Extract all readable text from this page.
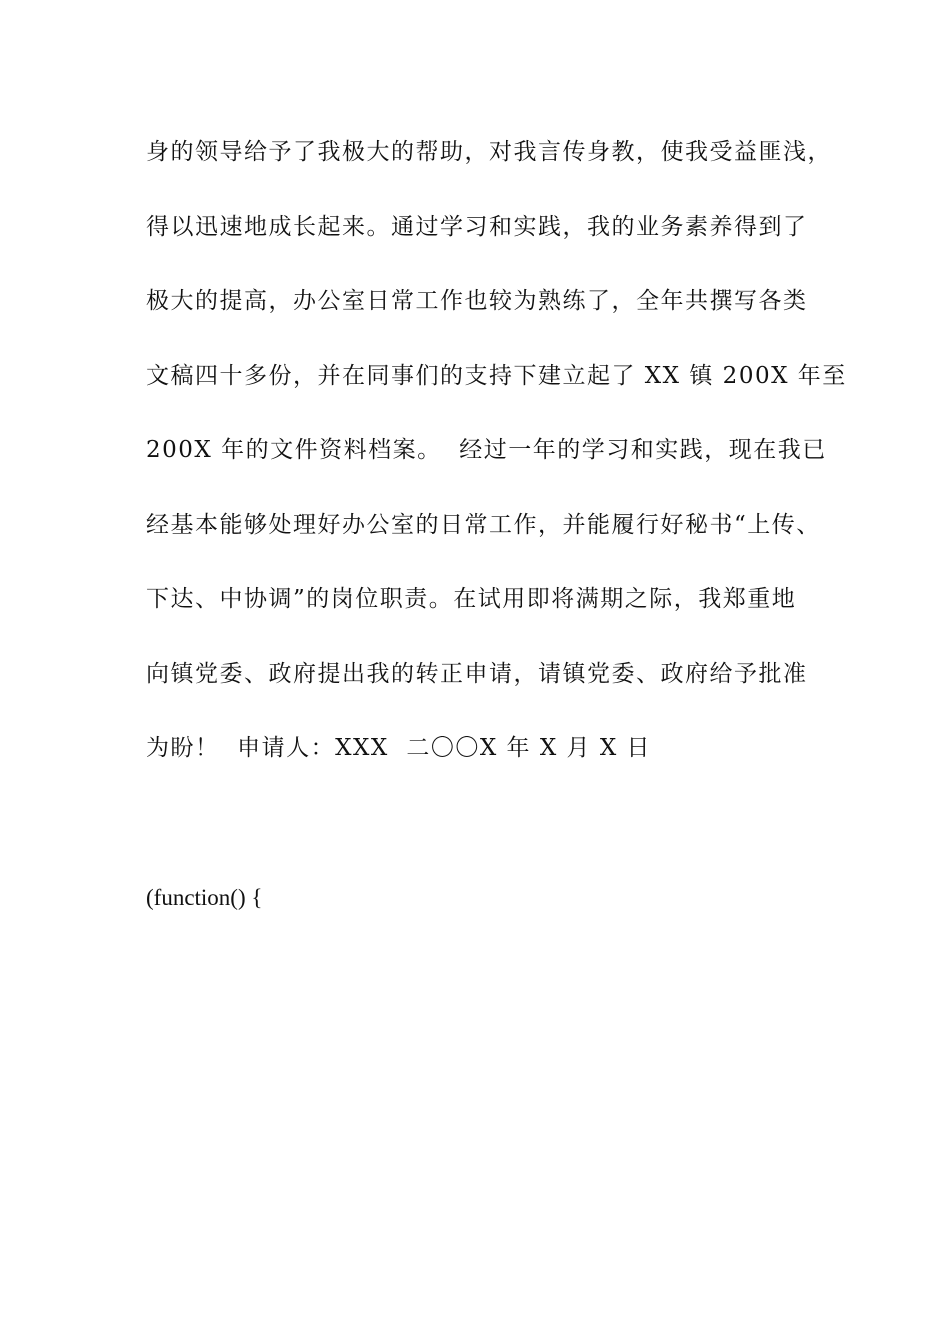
身的领导给予了我极大的帮助，对我言传身教，使我受益匪浅，
得以迅速地成长起来。通过学习和实践，我的业务素养得到了
极大的提高，办公室日常工作也较为熟练了，全年共撰写各类
文稿四十多份，并在同事们的支持下建立起了 XX 镇 200X 年至
200X 年的文件资料档案。  经过一年的学习和实践，现在我已
经基本能够处理好办公室的日常工作，并能履行好秘书“上传、
下达、中协调”的岗位职责。在试用即将满期之际，我郑重地
向镇党委、政府提出我的转正申请，请镇党委、政府给予批准
为盼！  申请人：XXX  二〇〇X 年 X 月 X 日
(function() {
